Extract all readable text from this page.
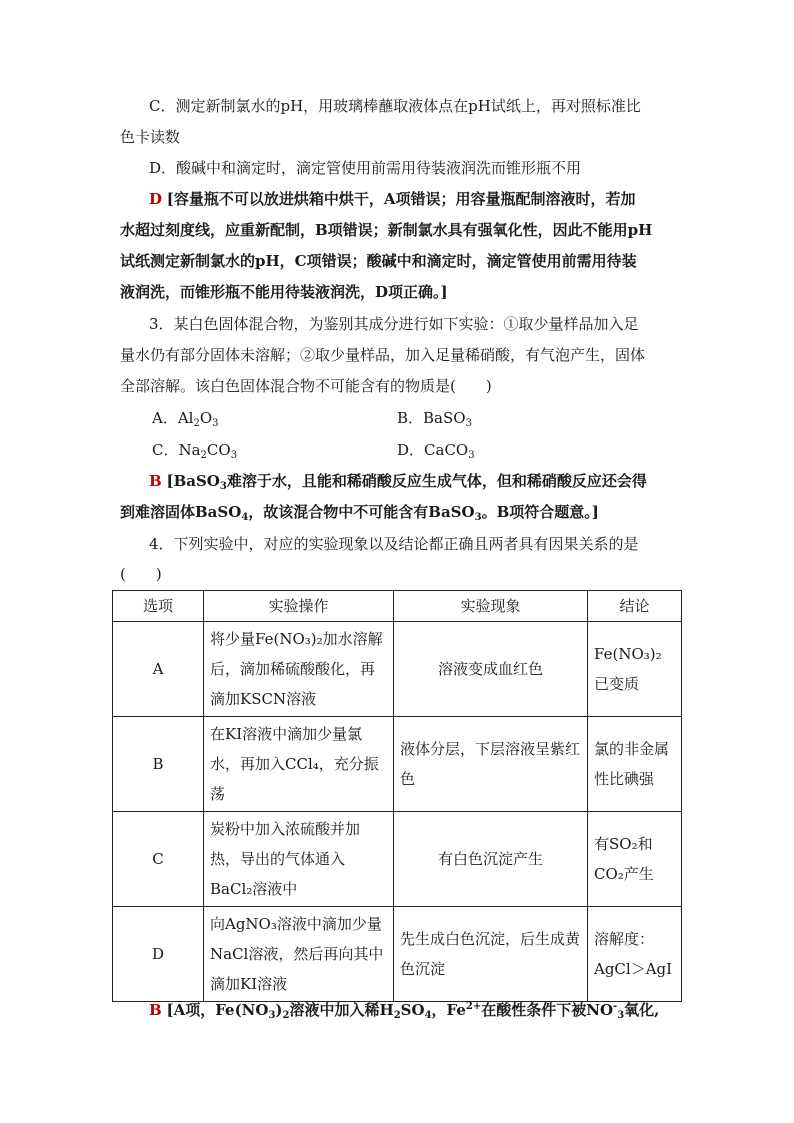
C．测定新制氯水的pH，用玻璃棒蘸取液体点在pH试纸上，再对照标准比
色卡读数
D．酸碱中和滴定时，滴定管使用前需用待装液润洗而锥形瓶不用
D [容量瓶不可以放进烘箱中烘干，A项错误；用容量瓶配制溶液时，若加
水超过刻度线，应重新配制，B项错误；新制氯水具有强氧化性，因此不能用pH
试纸测定新制氯水的pH，C项错误；酸碱中和滴定时，滴定管使用前需用待装
液润洗，而锥形瓶不能用待装液润洗，D项正确。]
3．某白色固体混合物，为鉴别其成分进行如下实验：①取少量样品加入足
量水仍有部分固体未溶解；②取少量样品，加入足量稀硝酸，有气泡产生，固体
全部溶解。该白色固体混合物不可能含有的物质是(　　)
A．$Al_2O_3$	B．BaSO$_3$
C．$Na_2CO_3$	D．CaCO$_3$
B [BaSO$_3$难溶于水，且能和稀硝酸反应生成气体，但和稀硝酸反应还会得
到难溶固体BaSO$_4$，故该混合物中不可能含有BaSO$_3$。B项符合题意。]
4．下列实验中，对应的实验现象以及结论都正确且两者具有因果关系的是
(　　)
选项	实验操作	实验现象	结论
A	将少量Fe(NO₃)₂加水溶解后，滴加稀硫酸酸化，再滴加KSCN溶液	溶液变成血红色	Fe(NO₃)₂已变质
B	在KI溶液中滴加少量氯水，再加入CCl₄，充分振荡	液体分层，下层溶液呈紫红色	氯的非金属性比碘强
C	炭粉中加入浓硫酸并加热，导出的气体通入BaCl₂溶液中	有白色沉淀产生	有SO₂和CO₂产生
D	向AgNO₃溶液中滴加少量NaCl溶液，然后再向其中滴加KI溶液	先生成白色沉淀，后生成黄色沉淀	溶解度：AgCl＞AgI
B [A项，$Fe(NO_3)_2$溶液中加入稀$H_2SO_4$，$Fe^{2+}$在酸性条件下被$NO^-_3$氧化,
